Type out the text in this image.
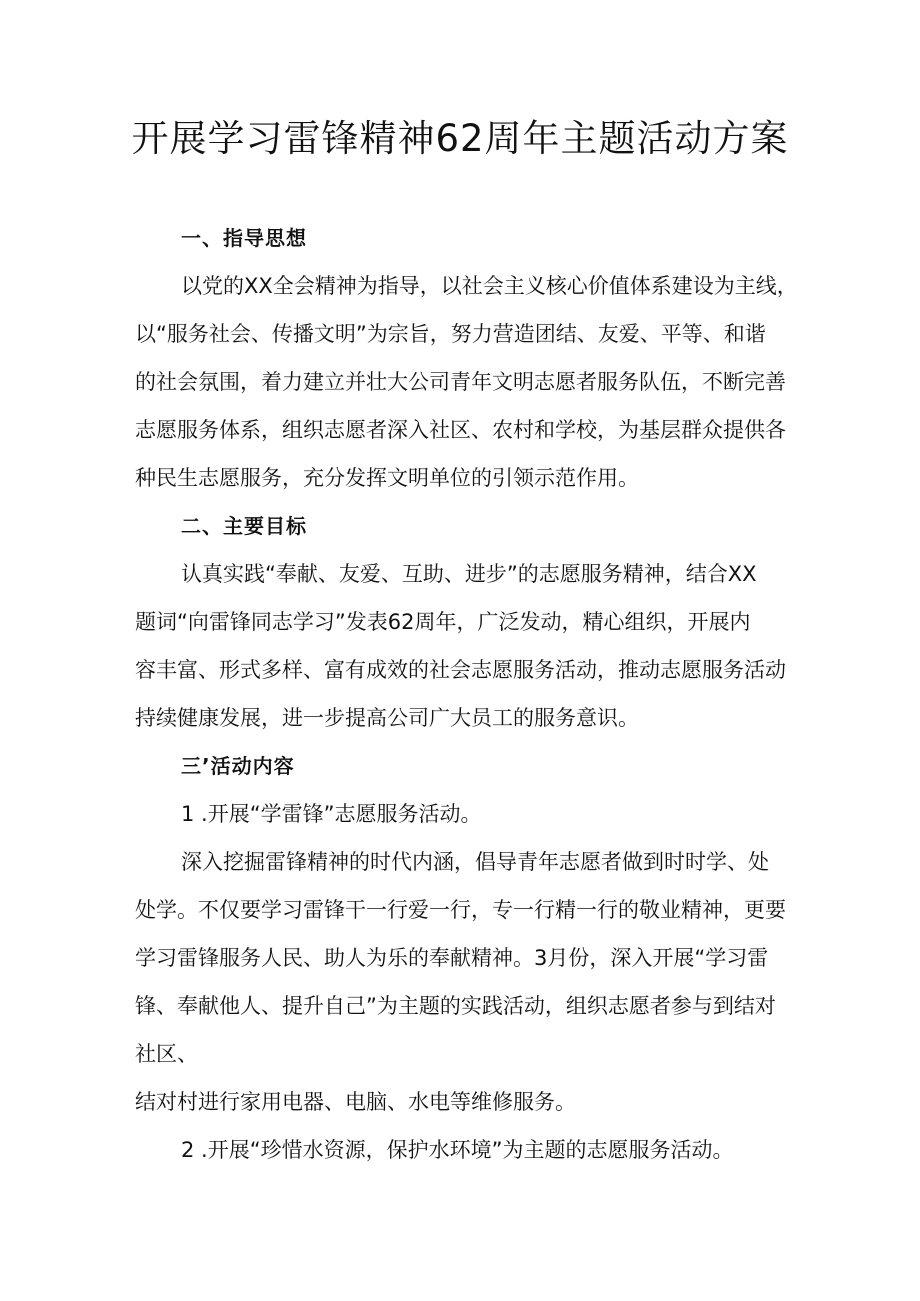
开展学习雷锋精神62周年主题活动方案
一、指导思想
以党的XX全会精神为指导，以社会主义核心价值体系建设为主线，
以“服务社会、传播文明”为宗旨，努力营造团结、友爱、平等、和谐
的社会氛围，着力建立并壮大公司青年文明志愿者服务队伍，不断完善
志愿服务体系，组织志愿者深入社区、农村和学校，为基层群众提供各
种民生志愿服务，充分发挥文明单位的引领示范作用。
二、主要目标
认真实践“奉献、友爱、互助、进步”的志愿服务精神，结合XX
题词“向雷锋同志学习”发表62周年，广泛发动，精心组织，开展内
容丰富、形式多样、富有成效的社会志愿服务活动，推动志愿服务活动
持续健康发展，进一步提高公司广大员工的服务意识。
三’活动内容
1 .开展“学雷锋”志愿服务活动。
深入挖掘雷锋精神的时代内涵，倡导青年志愿者做到时时学、处
处学。不仅要学习雷锋干一行爱一行，专一行精一行的敬业精神，更要
学习雷锋服务人民、助人为乐的奉献精神。3月份，深入开展“学习雷
锋、奉献他人、提升自己”为主题的实践活动，组织志愿者参与到结对
社区、
结对村进行家用电器、电脑、水电等维修服务。
2 .开展“珍惜水资源，保护水环境”为主题的志愿服务活动。
